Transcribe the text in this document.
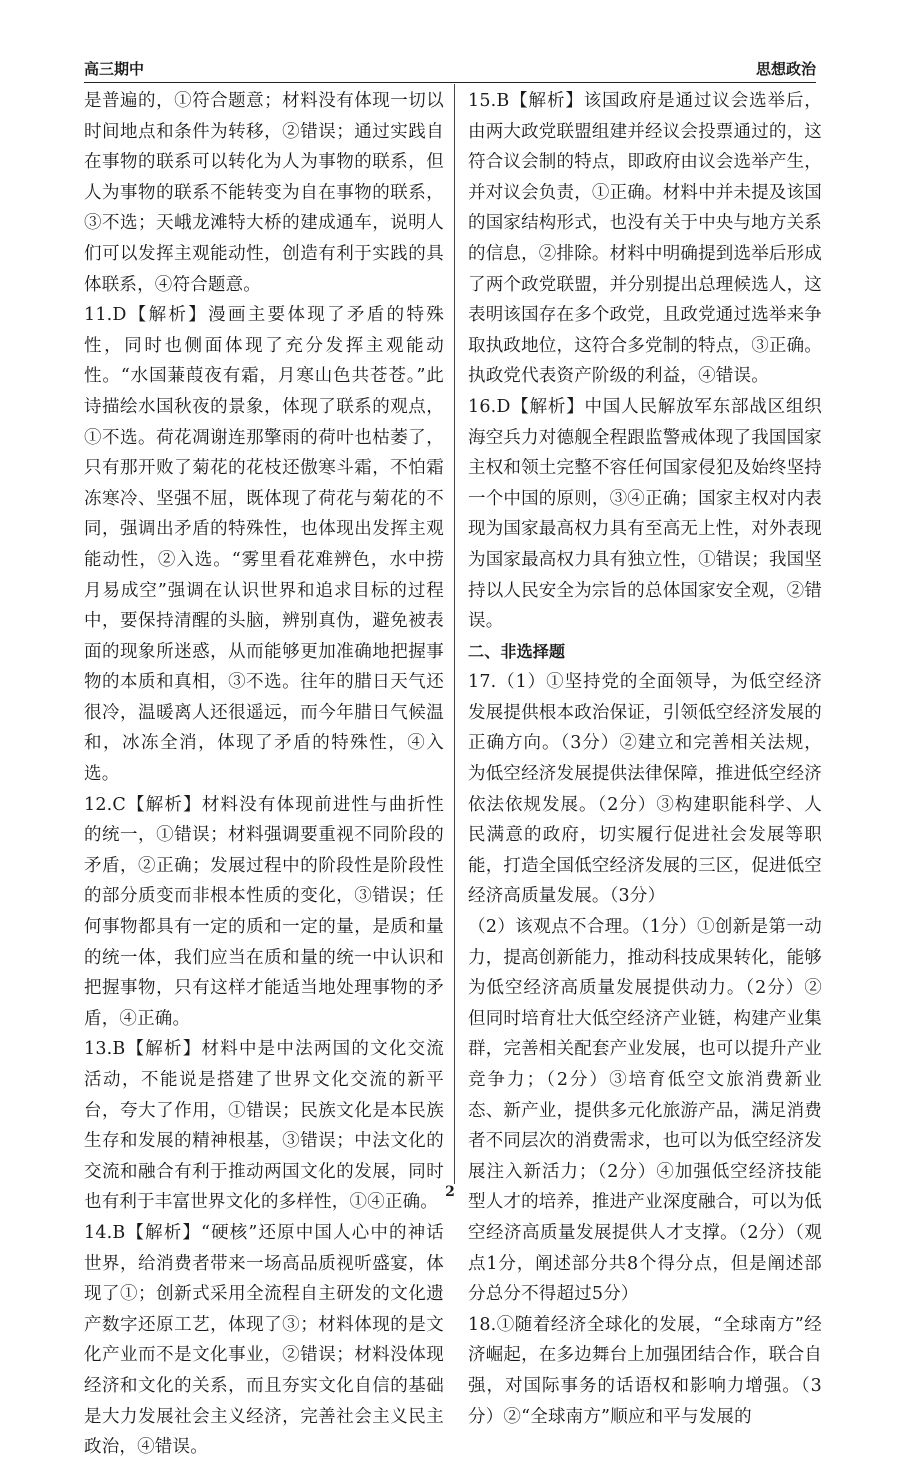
高三期中	思想政治

是普遍的，①符合题意；材料没有体现一切以时间地点和条件为转移，②错误；通过实践自在事物的联系可以转化为人为事物的联系，但人为事物的联系不能转变为自在事物的联系，③不选；天峨龙滩特大桥的建成通车，说明人们可以发挥主观能动性，创造有利于实践的具体联系，④符合题意。

11.D【解析】漫画主要体现了矛盾的特殊性，同时也侧面体现了充分发挥主观能动性。“水国蒹葭夜有霜，月寒山色共苍苍。”此诗描绘水国秋夜的景象，体现了联系的观点，①不选。荷花凋谢连那擎雨的荷叶也枯萎了，只有那开败了菊花的花枝还傲寒斗霜，不怕霜冻寒冷、坚强不屈，既体现了荷花与菊花的不同，强调出矛盾的特殊性，也体现出发挥主观能动性，②入选。“雾里看花难辨色，水中捞月易成空”强调在认识世界和追求目标的过程中，要保持清醒的头脑，辨别真伪，避免被表面的现象所迷惑，从而能够更加准确地把握事物的本质和真相，③不选。往年的腊日天气还很冷，温暖离人还很遥远，而今年腊日气候温和，冰冻全消，体现了矛盾的特殊性，④入选。

12.C【解析】材料没有体现前进性与曲折性的统一，①错误；材料强调要重视不同阶段的矛盾，②正确；发展过程中的阶段性是阶段性的部分质变而非根本性质的变化，③错误；任何事物都具有一定的质和一定的量，是质和量的统一体，我们应当在质和量的统一中认识和把握事物，只有这样才能适当地处理事物的矛盾，④正确。

13.B【解析】材料中是中法两国的文化交流活动，不能说是搭建了世界文化交流的新平台，夸大了作用，①错误；民族文化是本民族生存和发展的精神根基，③错误；中法文化的交流和融合有利于推动两国文化的发展，同时也有利于丰富世界文化的多样性，①④正确。

14.B【解析】“硬核”还原中国人心中的神话世界，给消费者带来一场高品质视听盛宴，体现了①；创新式采用全流程自主研发的文化遗产数字还原工艺，体现了③；材料体现的是文化产业而不是文化事业，②错误；材料没体现经济和文化的关系，而且夯实文化自信的基础是大力发展社会主义经济，完善社会主义民主政治，④错误。

15.B【解析】该国政府是通过议会选举后，由两大政党联盟组建并经议会投票通过的，这符合议会制的特点，即政府由议会选举产生，并对议会负责，①正确。材料中并未提及该国的国家结构形式，也没有关于中央与地方关系的信息，②排除。材料中明确提到选举后形成了两个政党联盟，并分别提出总理候选人，这表明该国存在多个政党，且政党通过选举来争取执政地位，这符合多党制的特点，③正确。执政党代表资产阶级的利益，④错误。

16.D【解析】中国人民解放军东部战区组织海空兵力对德舰全程跟监警戒体现了我国国家主权和领土完整不容任何国家侵犯及始终坚持一个中国的原则，③④正确；国家主权对内表现为国家最高权力具有至高无上性，对外表现为国家最高权力具有独立性，①错误；我国坚持以人民安全为宗旨的总体国家安全观，②错误。

二、非选择题

17.（1）①坚持党的全面领导，为低空经济发展提供根本政治保证，引领低空经济发展的正确方向。（3分）②建立和完善相关法规，为低空经济发展提供法律保障，推进低空经济依法依规发展。（2分）③构建职能科学、人民满意的政府，切实履行促进社会发展等职能，打造全国低空经济发展的三区，促进低空经济高质量发展。（3分）

（2）该观点不合理。（1分）①创新是第一动力，提高创新能力，推动科技成果转化，能够为低空经济高质量发展提供动力。（2分）②但同时培育壮大低空经济产业链，构建产业集群，完善相关配套产业发展，也可以提升产业竞争力；（2分）③培育低空文旅消费新业态、新产业，提供多元化旅游产品，满足消费者不同层次的消费需求，也可以为低空经济发展注入新活力；（2分）④加强低空经济技能型人才的培养，推进产业深度融合，可以为低空经济高质量发展提供人才支撑。（2分）（观点1分，阐述部分共8个得分点，但是阐述部分总分不得超过5分）

18.①随着经济全球化的发展，“全球南方”经济崛起，在多边舞台上加强团结合作，联合自强，对国际事务的话语权和影响力增强。（3分）②“全球南方”顺应和平与发展的

2
